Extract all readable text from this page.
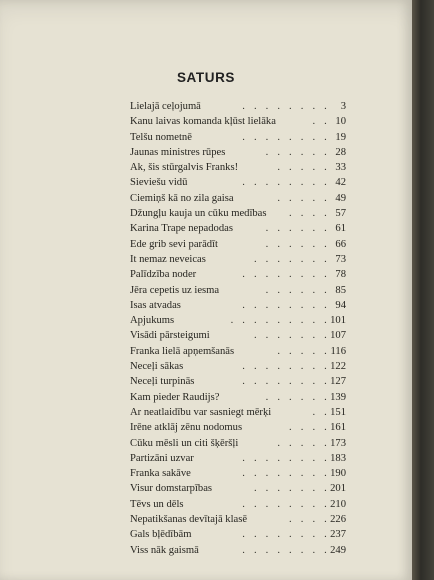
SATURS
Lielajā ceļojumā	. . . . . . . . 3
Kanu laivas komanda kļūst lielāka	. . 10
Telšu nometnē	. . . . . . . . 19
Jaunas ministres rūpes	. . . . . . 28
Ak, šis stūrgalvis Franks!	. . . . . 33
Sieviešu vidū	. . . . . . . . 42
Ciemiņš kā no zila gaisa	. . . . . 49
Džungļu kauja un cūku medības . . . . 57
Karina Trape nepadodas	. . . . . . 61
Ede grib sevi parādīt	. . . . . . 66
It nemaz neveicas	. . . . . . . 73
Palīdzība noder	. . . . . . . . 78
Jēra cepetis uz iesma	. . . . . . 85
Isas atvadas	. . . . . . . . 94
Apjukums	. . . . . . . . . 101
Visādi pārsteigumi	. . . . . . . 107
Franka lielā apņemšanās	. . . . . 116
Neceļi sākas	. . . . . . . . 122
Neceļi turpinās	. . . . . . . . 127
Kam pieder Raudijs?	. . . . . . 139
Ar neatlaidību var sasniegt mērķi	. . 151
Irēne atklāj zēnu nodomus	. . . . 161
Cūku mēsli un citi šķēršļi	. . . . . 173
Partizāni uzvar	. . . . . . . . 183
Franka sakāve	. . . . . . . . 190
Visur domstarpības	. . . . . . . 201
Tēvs un dēls	. . . . . . . . 210
Nepatikšanas devītajā klasē	. . . . 226
Gals bļēdībām	. . . . . . . . 237
Viss nāk gaismā	. . . . . . . . 249
